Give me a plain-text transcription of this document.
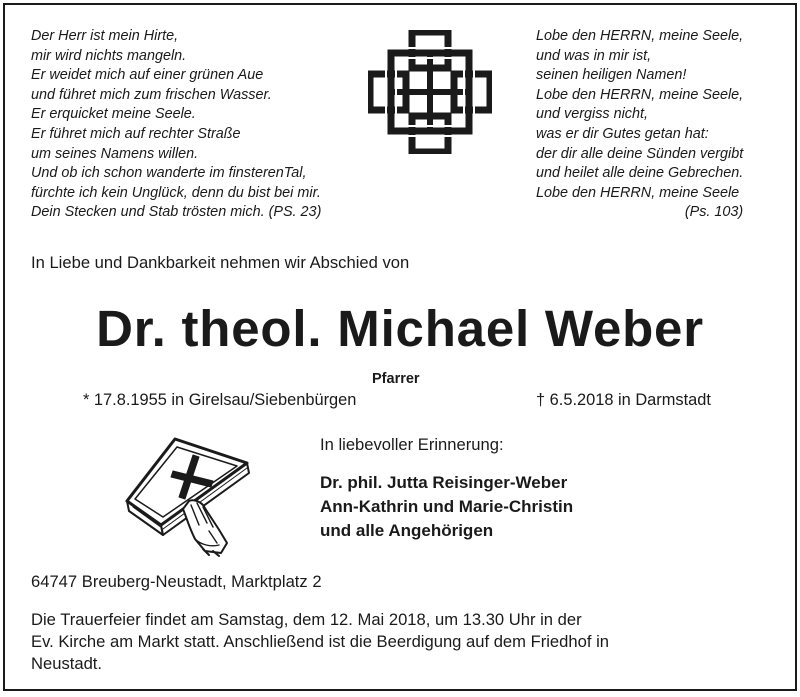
Der Herr ist mein Hirte,
mir wird nichts mangeln.
Er weidet mich auf einer grünen Aue
und führet mich zum frischen Wasser.
Er erquicket meine Seele.
Er führet mich auf rechter Straße
um seines Namens willen.
Und ob ich schon wanderte im finsterenTal,
fürchte ich kein Unglück, denn du bist bei mir.
Dein Stecken und Stab trösten mich. (PS. 23)
Lobe den HERRN, meine Seele,
und was in mir ist,
seinen heiligen Namen!
Lobe den HERRN, meine Seele,
und vergiss nicht,
was er dir Gutes getan hat:
der dir alle deine Sünden vergibt
und heilet alle deine Gebrechen.
Lobe den HERRN, meine Seele
(Ps. 103)
In Liebe und Dankbarkeit nehmen wir Abschied von
Dr. theol. Michael Weber
Pfarrer
* 17.8.1955 in Girelsau/Siebenbürgen	† 6.5.2018 in Darmstadt
In liebevoller Erinnerung:
Dr. phil. Jutta Reisinger-Weber
Ann-Kathrin und Marie-Christin
und alle Angehörigen
64747 Breuberg-Neustadt, Marktplatz 2
Die Trauerfeier findet am Samstag, dem 12. Mai 2018, um 13.30 Uhr in der
Ev. Kirche am Markt statt. Anschließend ist die Beerdigung auf dem Friedhof in
Neustadt.
